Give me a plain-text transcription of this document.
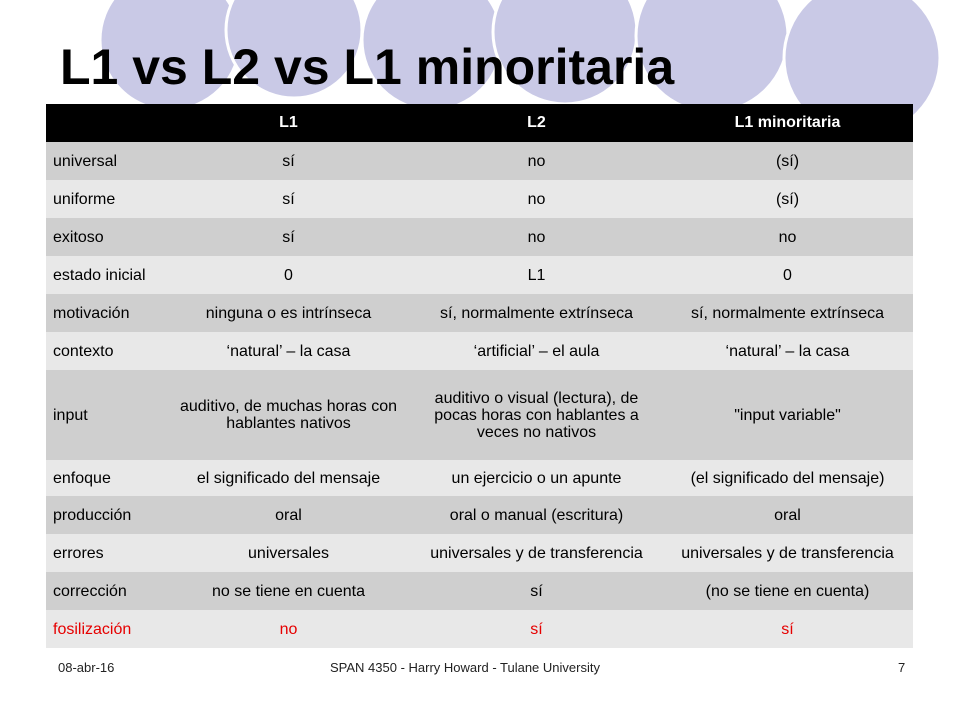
L1 vs L2 vs L1 minoritaria
	L1	L2	L1 minoritaria
universal	sí	no	(sí)
uniforme	sí	no	(sí)
exitoso	sí	no	no
estado inicial	0	L1	0
motivación	ninguna o es intrínseca	sí, normalmente extrínseca	sí, normalmente extrínseca
contexto	‘natural’ – la casa	‘artificial’ – el aula	‘natural’ – la casa
input	auditivo, de muchas horas con hablantes nativos	auditivo o visual (lectura), de pocas horas con hablantes a veces no nativos	"input variable"
enfoque	el significado del mensaje	un ejercicio o un apunte	(el significado del mensaje)
producción	oral	oral o manual (escritura)	oral
errores	universales	universales y de transferencia	universales y de transferencia
corrección	no se tiene en cuenta	sí	(no se tiene en cuenta)
fosilización	no	sí	sí
08-abr-16	SPAN 4350 - Harry Howard - Tulane University	7
